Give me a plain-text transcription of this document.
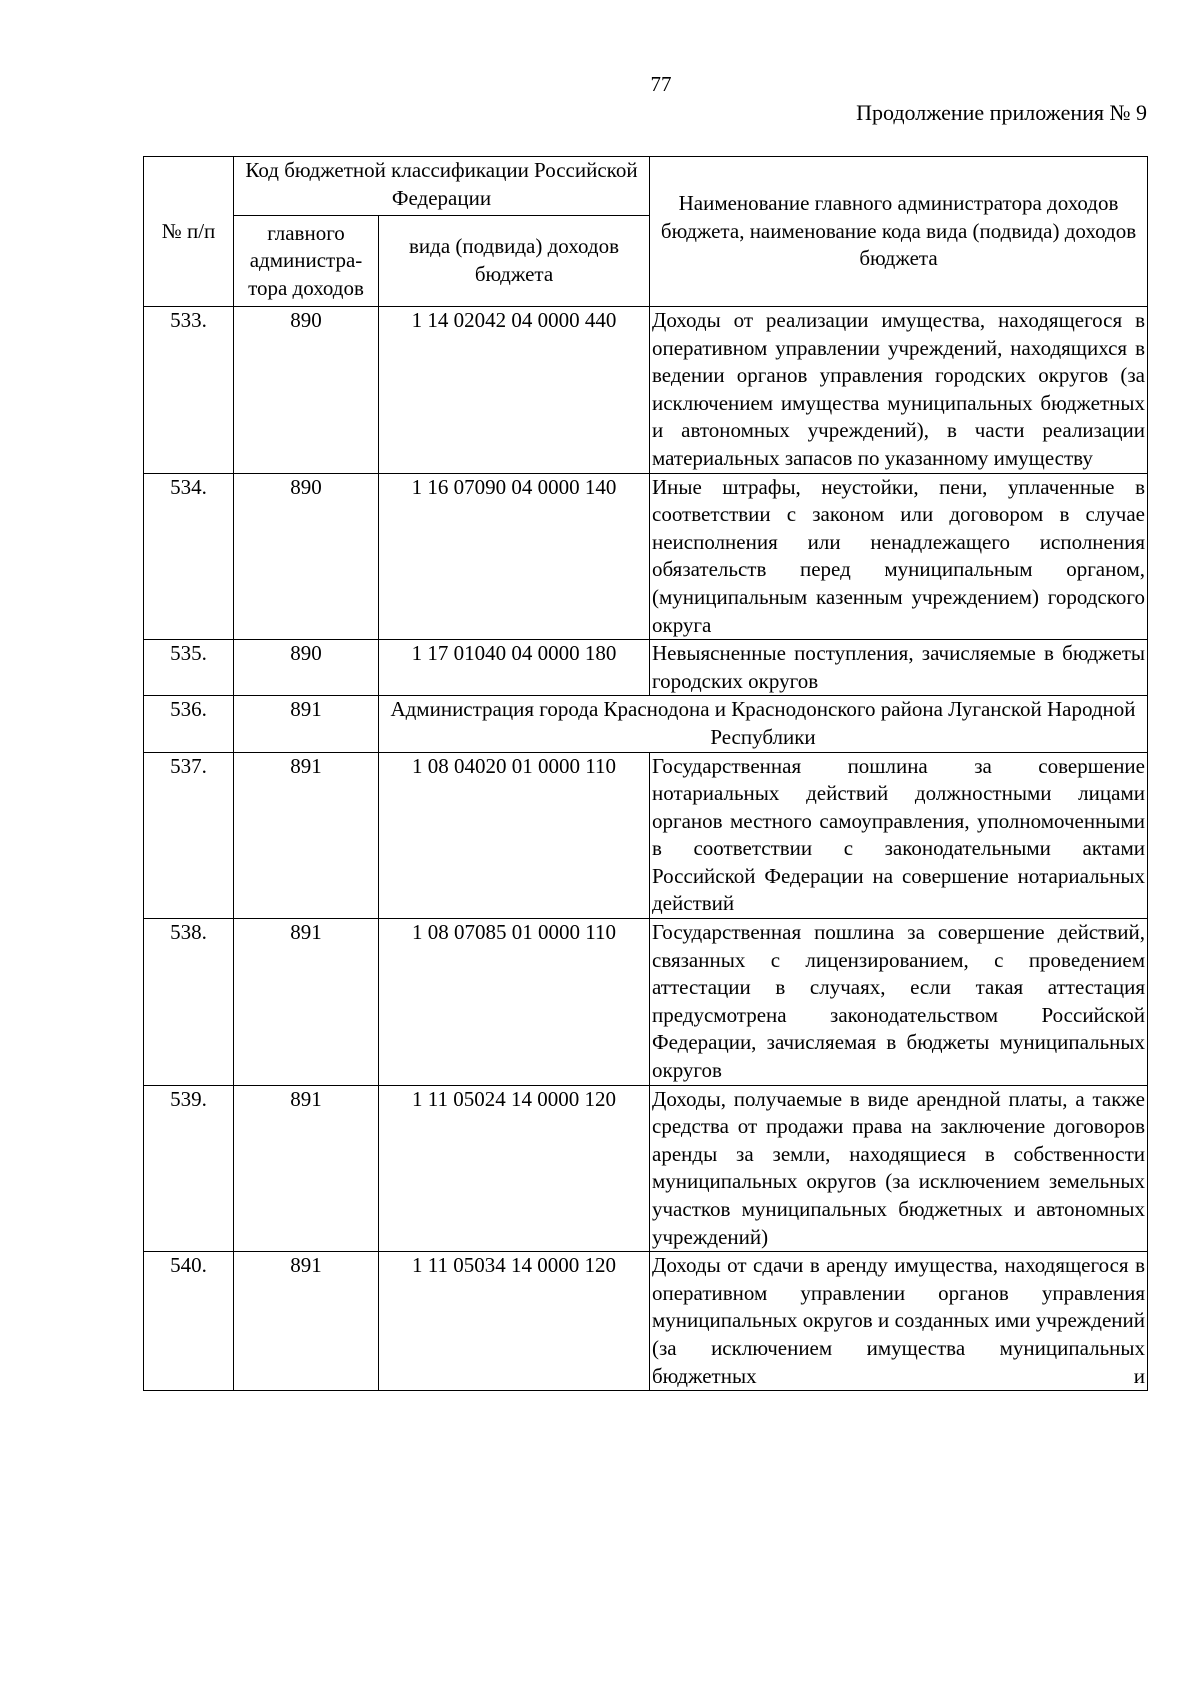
77
Продолжение приложения № 9
№ п/п	Код бюджетной классификации Российской Федерации		Наименование главного администратора доходов бюджета, наименование кода вида (подвида) доходов бюджета
	главного администра-тора доходов	вида (подвида) доходов бюджета	
533.	890	1 14 02042 04 0000 440	Доходы от реализации имущества, находящегося в оперативном управлении учреждений, находящихся в ведении органов управления городских округов (за исключением имущества муниципальных бюджетных и автономных учреждений), в части реализации материальных запасов по указанному имуществу
534.	890	1 16 07090 04 0000 140	Иные штрафы, неустойки, пени, уплаченные в соответствии с законом или договором в случае неисполнения или ненадлежащего исполнения обязательств перед муниципальным органом, (муниципальным казенным учреждением) городского округа
535.	890	1 17 01040 04 0000 180	Невыясненные поступления, зачисляемые в бюджеты городских округов
536.	891	Администрация города Краснодона и Краснодонского района Луганской Народной Республики	
537.	891	1 08 04020 01 0000 110	Государственная пошлина за совершение нотариальных действий должностными лицами органов местного самоуправления, уполномоченными в соответствии с законодательными актами Российской Федерации на совершение нотариальных действий
538.	891	1 08 07085 01 0000 110	Государственная пошлина за совершение действий, связанных с лицензированием, с проведением аттестации в случаях, если такая аттестация предусмотрена законодательством Российской Федерации, зачисляемая в бюджеты муниципальных округов
539.	891	1 11 05024 14 0000 120	Доходы, получаемые в виде арендной платы, а также средства от продажи права на заключение договоров аренды за земли, находящиеся в собственности муниципальных округов (за исключением земельных участков муниципальных бюджетных и автономных учреждений)
540.	891	1 11 05034 14 0000 120	Доходы от сдачи в аренду имущества, находящегося в оперативном управлении органов управления муниципальных округов и созданных ими учреждений (за исключением имущества муниципальных бюджетных и
